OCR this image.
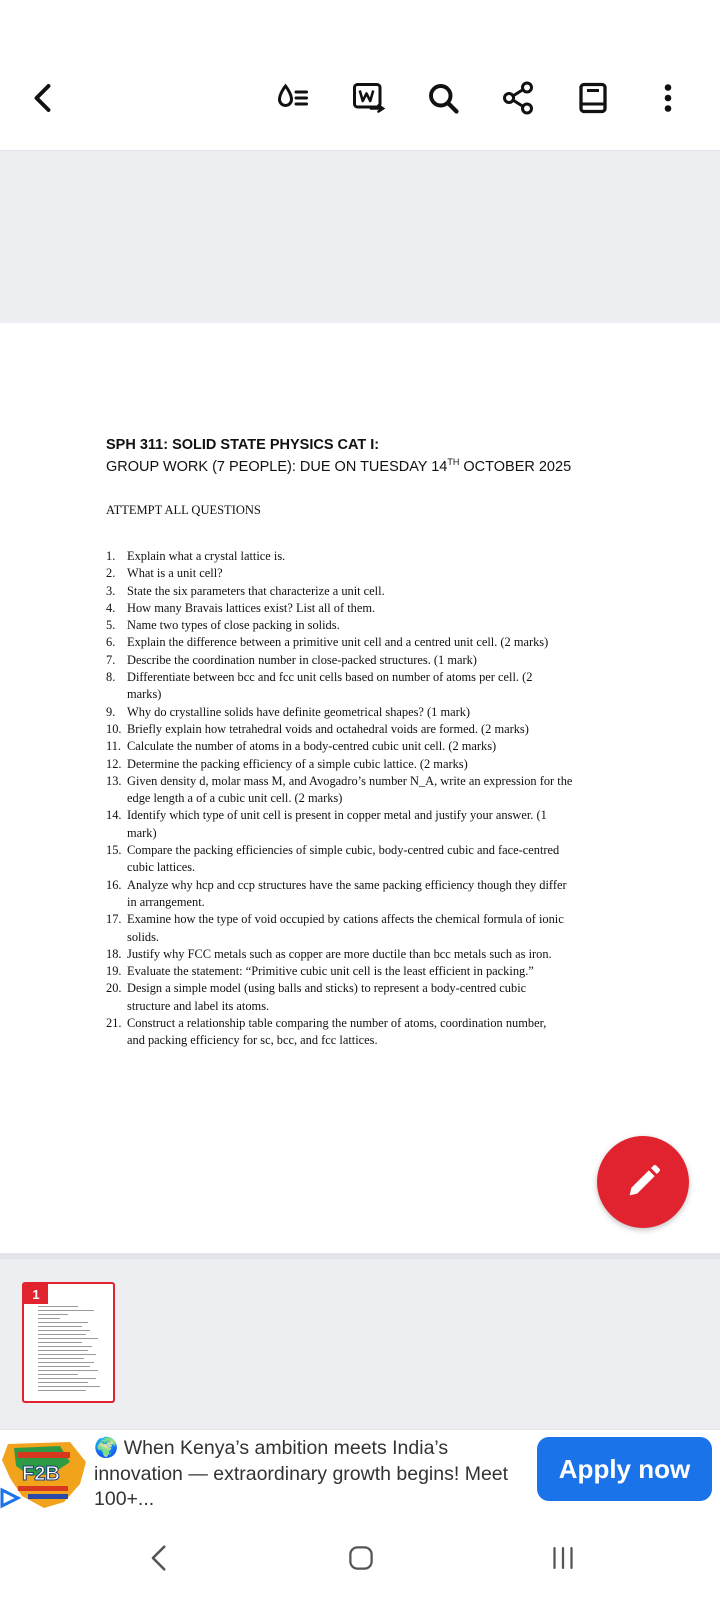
SPH 311: SOLID STATE PHYSICS CAT I:
GROUP WORK (7 PEOPLE): DUE ON TUESDAY 14TH OCTOBER 2025
ATTEMPT ALL QUESTIONS
1. Explain what a crystal lattice is.
2. What is a unit cell?
3. State the six parameters that characterize a unit cell.
4. How many Bravais lattices exist? List all of them.
5. Name two types of close packing in solids.
6. Explain the difference between a primitive unit cell and a centred unit cell. (2 marks)
7. Describe the coordination number in close-packed structures. (1 mark)
8. Differentiate between bcc and fcc unit cells based on number of atoms per cell. (2
marks)
9. Why do crystalline solids have definite geometrical shapes? (1 mark)
10. Briefly explain how tetrahedral voids and octahedral voids are formed. (2 marks)
11. Calculate the number of atoms in a body-centred cubic unit cell. (2 marks)
12. Determine the packing efficiency of a simple cubic lattice. (2 marks)
13. Given density d, molar mass M, and Avogadro’s number N_A, write an expression for the
edge length a of a cubic unit cell. (2 marks)
14. Identify which type of unit cell is present in copper metal and justify your answer. (1
mark)
15. Compare the packing efficiencies of simple cubic, body-centred cubic and face-centred
cubic lattices.
16. Analyze why hcp and ccp structures have the same packing efficiency though they differ
in arrangement.
17. Examine how the type of void occupied by cations affects the chemical formula of ionic
solids.
18. Justify why FCC metals such as copper are more ductile than bcc metals such as iron.
19. Evaluate the statement: “Primitive cubic unit cell is the least efficient in packing.”
20. Design a simple model (using balls and sticks) to represent a body-centred cubic
structure and label its atoms.
21. Construct a relationship table comparing the number of atoms, coordination number,
and packing efficiency for sc, bcc, and fcc lattices.
1
F2B
🌍 When Kenya’s ambition meets India’s innovation — extraordinary growth begins! Meet 100+...
Apply now
